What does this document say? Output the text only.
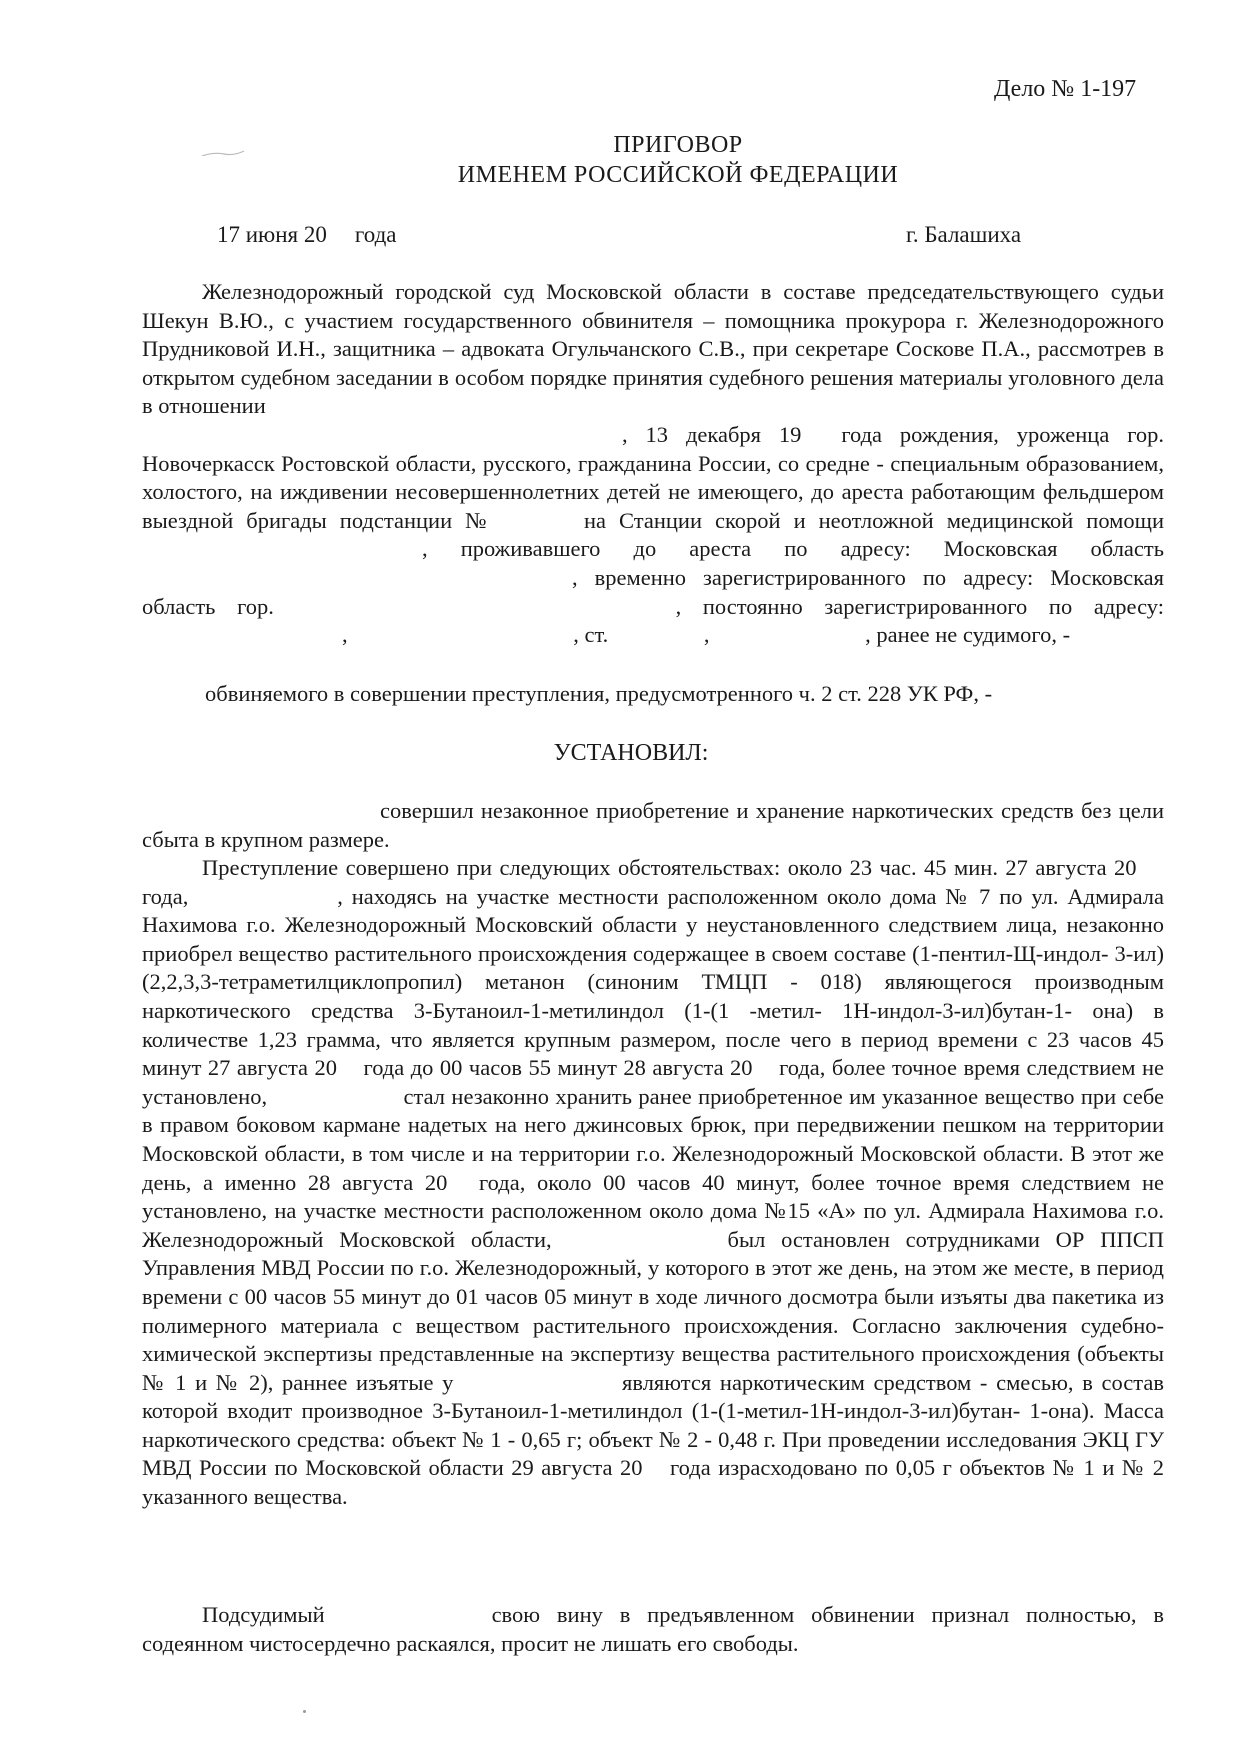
Дело № 1-197
ПРИГОВОР
ИМЕНЕМ РОССИЙСКОЙ ФЕДЕРАЦИИ
17 июня 20 года	г. Балашиха
Железнодорожный городской суд Московской области в составе председательствующего судьи Шекун В.Ю., с участием государственного обвинителя – помощника прокурора г. Железнодорожного Прудниковой И.Н., защитника – адвоката Огульчанского С.В., при секретаре Соскове П.А., рассмотрев в открытом судебном заседании в особом порядке принятия судебного решения материалы уголовного дела в отношении
, 13 декабря 19 года рождения, уроженца гор. Новочеркасск Ростовской области, русского, гражданина России, со средне - специальным образованием, холостого, на иждивении несовершеннолетних детей не имеющего, до ареста работающим фельдшером выездной бригады подстанции №	на Станции скорой и неотложной медицинской помощи , проживавшего до ареста по адресу: Московская область , временно зарегистрированного по адресу: Московская область гор.	, постоянно зарегистрированного по адресу: ,	, ст.	,	, ранее не судимого, -
обвиняемого в совершении преступления, предусмотренного ч. 2 ст. 228 УК РФ, -
УСТАНОВИЛ:
совершил незаконное приобретение и хранение наркотических средств без цели сбыта в крупном размере.
Преступление совершено при следующих обстоятельствах: около 23 час. 45 мин. 27 августа 20 года,	, находясь на участке местности расположенном около дома № 7 по ул. Адмирала Нахимова г.о. Железнодорожный Московский области у неустановленного следствием лица, незаконно приобрел вещество растительного происхождения содержащее в своем составе (1-пентил-Щ-индол- 3-ил)(2,2,3,3-тетраметилциклопропил) метанон (синоним ТМЦП - 018) являющегося производным наркотического средства 3-Бутаноил-1-метилиндол (1-(1 -метил- 1Н-индол-3-ил)бутан-1- она) в количестве 1,23 грамма, что является крупным размером, после чего в период времени с 23 часов 45 минут 27 августа 20 года до 00 часов 55 минут 28 августа 20 года, более точное время следствием не установлено,	стал незаконно хранить ранее приобретенное им указанное вещество при себе в правом боковом кармане надетых на него джинсовых брюк, при передвижении пешком на территории Московской области, в том числе и на территории г.о. Железнодорожный Московской области. В этот же день, а именно 28 августа 20 года, около 00 часов 40 минут, более точное время следствием не установлено, на участке местности расположенном около дома №15 «А» по ул. Адмирала Нахимова г.о. Железнодорожный Московской области,	был остановлен сотрудниками ОР ППСП Управления МВД России по г.о. Железнодорожный, у которого в этот же день, на этом же месте, в период времени с 00 часов 55 минут до 01 часов 05 минут в ходе личного досмотра были изъяты два пакетика из полимерного материала с веществом растительного происхождения. Согласно заключения судебно-химической экспертизы представленные на экспертизу вещества растительного происхождения (объекты № 1 и № 2), раннее изъятые у	являются наркотическим средством - смесью, в состав которой входит производное 3-Бутаноил-1-метилиндол (1-(1-метил-1Н-индол-3-ил)бутан- 1-она). Масса наркотического средства: объект № 1 - 0,65 г; объект № 2 - 0,48 г. При проведении исследования ЭКЦ ГУ МВД России по Московской области 29 августа 20 года израсходовано по 0,05 г объектов № 1 и № 2 указанного вещества.
Подсудимый	свою вину в предъявленном обвинении признал полностью, в содеянном чистосердечно раскаялся, просит не лишать его свободы.
